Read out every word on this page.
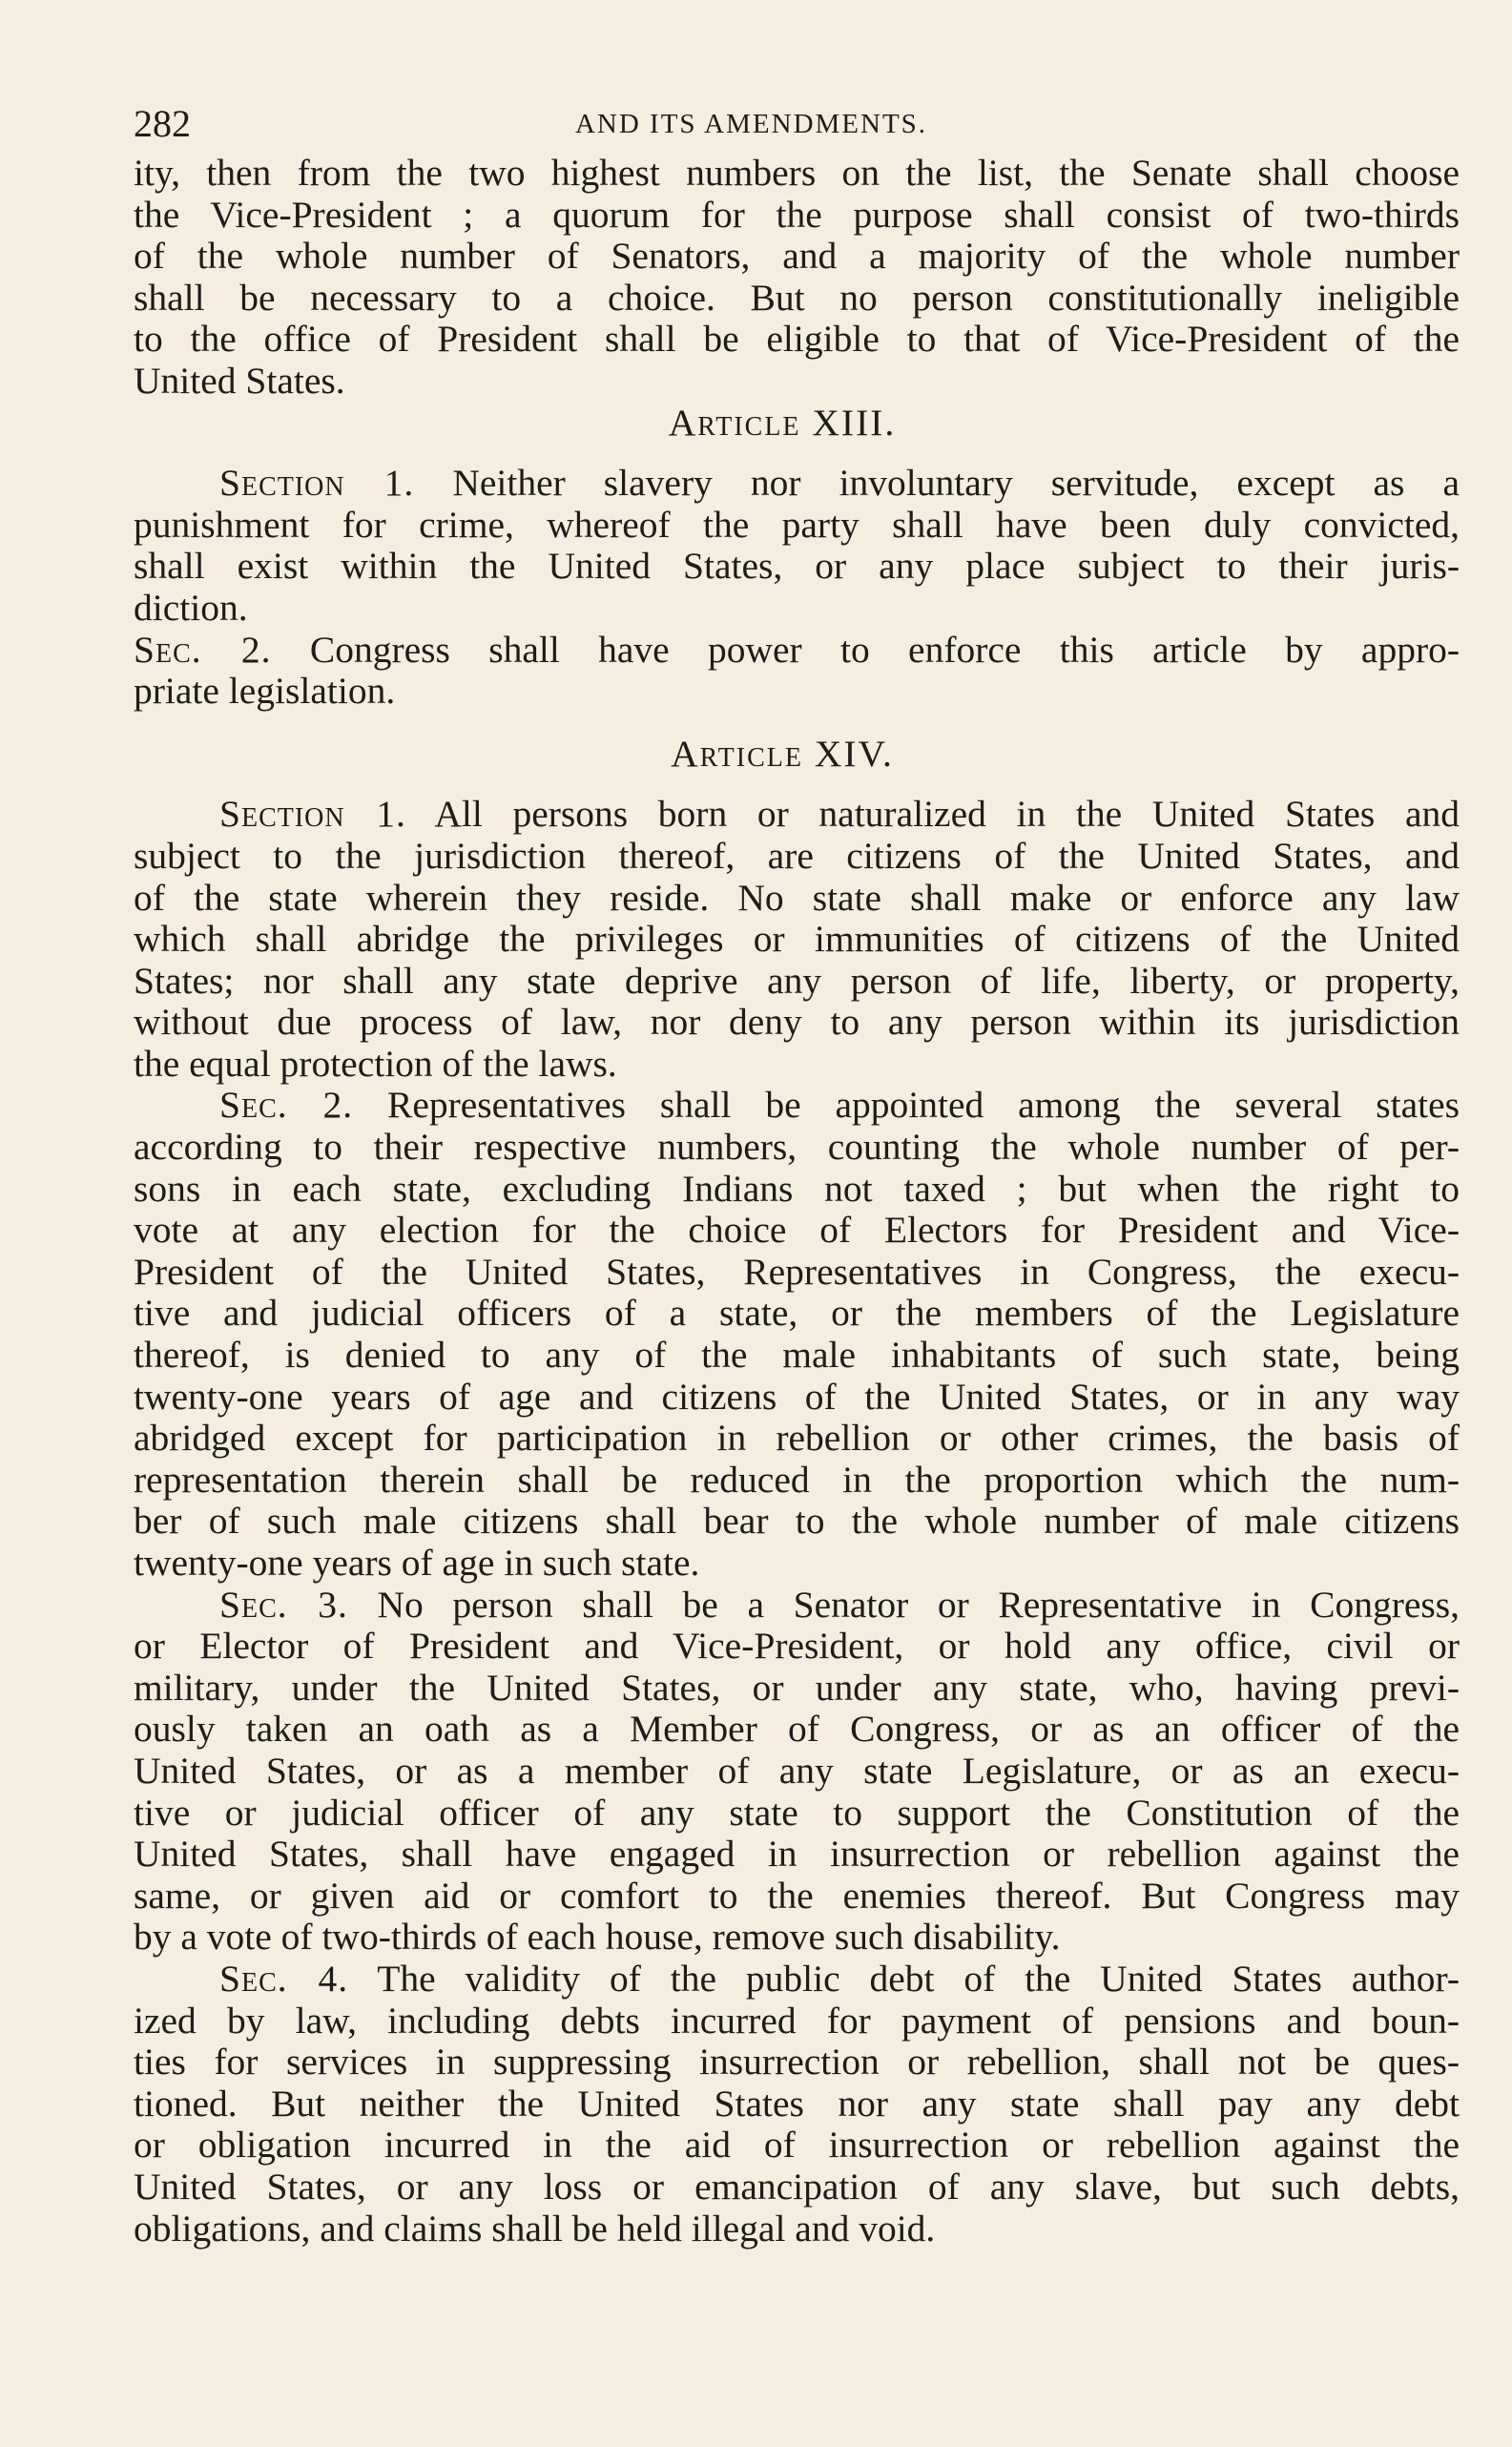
282	AND ITS AMENDMENTS.
ity, then from the two highest numbers on the list, the Senate shall choose
the Vice-President ; a quorum for the purpose shall consist of two-thirds
of the whole number of Senators, and a majority of the whole number
shall be necessary to a choice. But no person constitutionally ineligible
to the office of President shall be eligible to that of Vice-President of the
United States.
Article XIII.
Section 1. Neither slavery nor involuntary servitude, except as a
punishment for crime, whereof the party shall have been duly convicted,
shall exist within the United States, or any place subject to their juris-
diction.
Sec. 2. Congress shall have power to enforce this article by appro-
priate legislation.
Article XIV.
Section 1. All persons born or naturalized in the United States and
subject to the jurisdiction thereof, are citizens of the United States, and
of the state wherein they reside. No state shall make or enforce any law
which shall abridge the privileges or immunities of citizens of the United
States; nor shall any state deprive any person of life, liberty, or property,
without due process of law, nor deny to any person within its jurisdiction
the equal protection of the laws.
Sec. 2. Representatives shall be appointed among the several states
according to their respective numbers, counting the whole number of per-
sons in each state, excluding Indians not taxed ; but when the right to
vote at any election for the choice of Electors for President and Vice-
President of the United States, Representatives in Congress, the execu-
tive and judicial officers of a state, or the members of the Legislature
thereof, is denied to any of the male inhabitants of such state, being
twenty-one years of age and citizens of the United States, or in any way
abridged except for participation in rebellion or other crimes, the basis of
representation therein shall be reduced in the proportion which the num-
ber of such male citizens shall bear to the whole number of male citizens
twenty-one years of age in such state.
Sec. 3. No person shall be a Senator or Representative in Congress,
or Elector of President and Vice-President, or hold any office, civil or
military, under the United States, or under any state, who, having previ-
ously taken an oath as a Member of Congress, or as an officer of the
United States, or as a member of any state Legislature, or as an execu-
tive or judicial officer of any state to support the Constitution of the
United States, shall have engaged in insurrection or rebellion against the
same, or given aid or comfort to the enemies thereof. But Congress may
by a vote of two-thirds of each house, remove such disability.
Sec. 4. The validity of the public debt of the United States author-
ized by law, including debts incurred for payment of pensions and boun-
ties for services in suppressing insurrection or rebellion, shall not be ques-
tioned. But neither the United States nor any state shall pay any debt
or obligation incurred in the aid of insurrection or rebellion against the
United States, or any loss or emancipation of any slave, but such debts,
obligations, and claims shall be held illegal and void.
